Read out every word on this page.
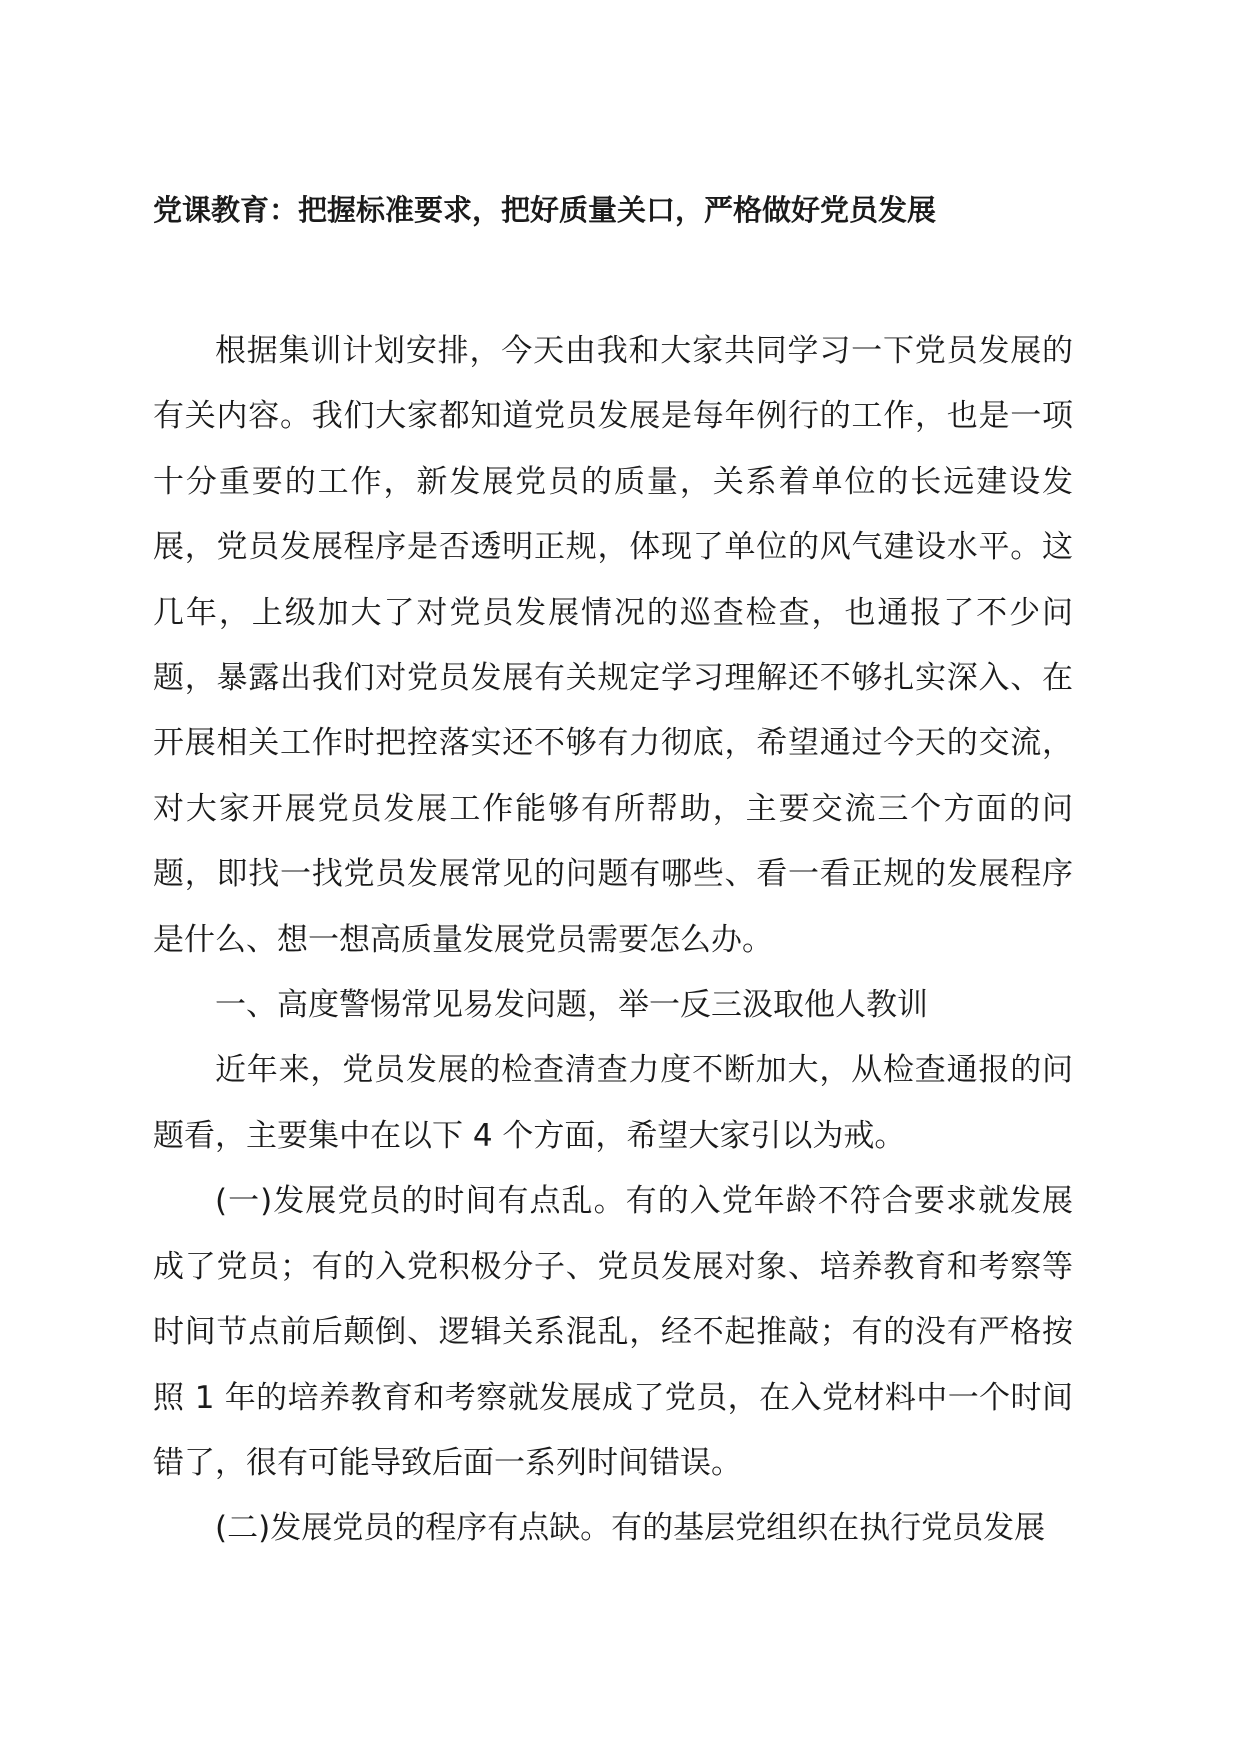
党课教育：把握标准要求，把好质量关口，严格做好党员发展

根据集训计划安排，今天由我和大家共同学习一下党员发展的有关内容。我们大家都知道党员发展是每年例行的工作，也是一项十分重要的工作，新发展党员的质量，关系着单位的长远建设发展，党员发展程序是否透明正规，体现了单位的风气建设水平。这几年，上级加大了对党员发展情况的巡查检查，也通报了不少问题，暴露出我们对党员发展有关规定学习理解还不够扎实深入、在开展相关工作时把控落实还不够有力彻底，希望通过今天的交流，对大家开展党员发展工作能够有所帮助，主要交流三个方面的问题，即找一找党员发展常见的问题有哪些、看一看正规的发展程序是什么、想一想高质量发展党员需要怎么办。

一、高度警惕常见易发问题，举一反三汲取他人教训

近年来，党员发展的检查清查力度不断加大，从检查通报的问题看，主要集中在以下 4 个方面，希望大家引以为戒。

(一)发展党员的时间有点乱。有的入党年龄不符合要求就发展成了党员；有的入党积极分子、党员发展对象、培养教育和考察等时间节点前后颠倒、逻辑关系混乱，经不起推敲；有的没有严格按照 1 年的培养教育和考察就发展成了党员，在入党材料中一个时间错了，很有可能导致后面一系列时间错误。

(二)发展党员的程序有点缺。有的基层党组织在执行党员发展
